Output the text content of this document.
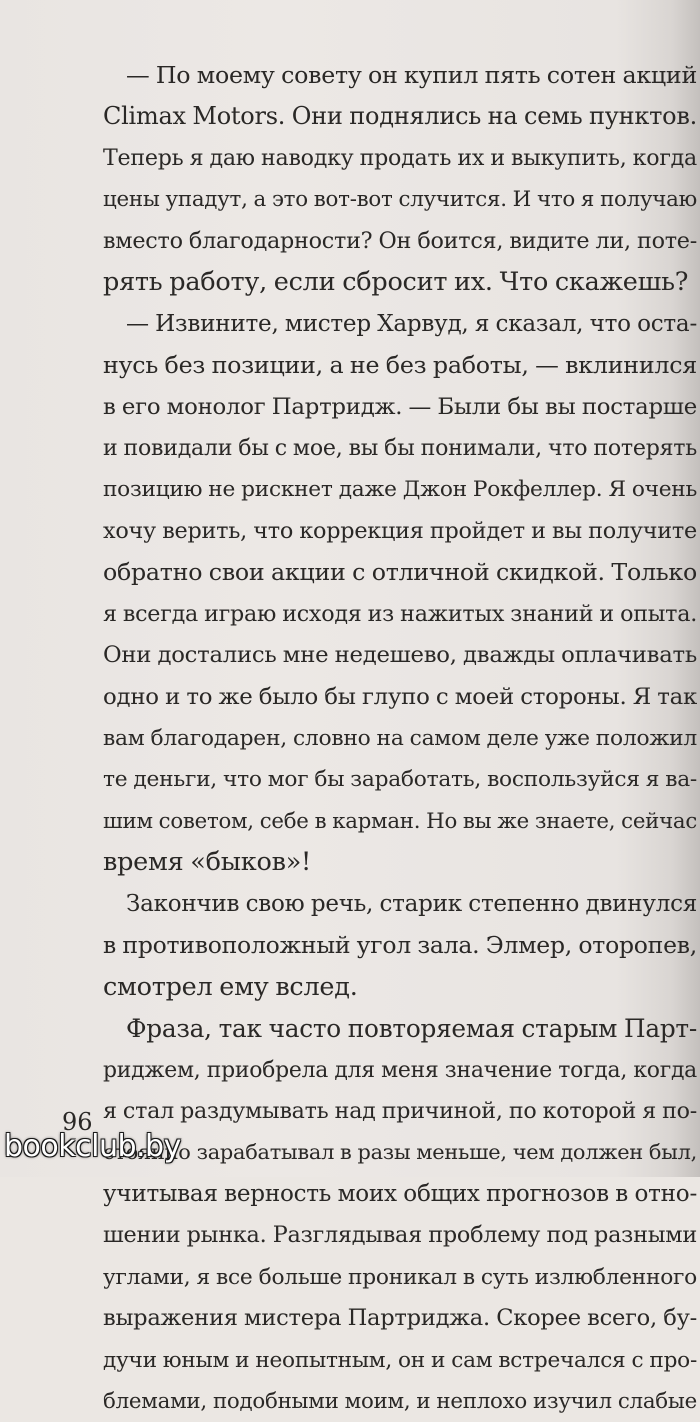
— По моему совету он купил пять сотен акций
Climax Motors. Они поднялись на семь пунктов.
Теперь я даю наводку продать их и выкупить, когда
цены упадут, а это вот-вот случится. И что я получаю
вместо благодарности? Он боится, видите ли, поте-
рять работу, если сбросит их. Что скажешь?
— Извините, мистер Харвуд, я сказал, что оста-
нусь без позиции, а не без работы, — вклинился
в его монолог Партридж. — Были бы вы постарше
и повидали бы с мое, вы бы понимали, что потерять
позицию не рискнет даже Джон Рокфеллер. Я очень
хочу верить, что коррекция пройдет и вы получите
обратно свои акции с отличной скидкой. Только
я всегда играю исходя из нажитых знаний и опыта.
Они достались мне недешево, дважды оплачивать
одно и то же было бы глупо с моей стороны. Я так
вам благодарен, словно на самом деле уже положил
те деньги, что мог бы заработать, воспользуйся я ва-
шим советом, себе в карман. Но вы же знаете, сейчас
время «быков»!
Закончив свою речь, старик степенно двинулся
в противоположный угол зала. Элмер, оторопев,
смотрел ему вслед.
Фраза, так часто повторяемая старым Парт-
риджем, приобрела для меня значение тогда, когда
я стал раздумывать над причиной, по которой я по-
стоянно зарабатывал в разы меньше, чем должен был,
учитывая верность моих общих прогнозов в отно-
шении рынка. Разглядывая проблему под разными
углами, я все больше проникал в суть излюбленного
выражения мистера Партриджа. Скорее всего, бу-
дучи юным и неопытным, он и сам встречался с про-
блемами, подобными моим, и неплохо изучил слабые
96
bookclub.by
